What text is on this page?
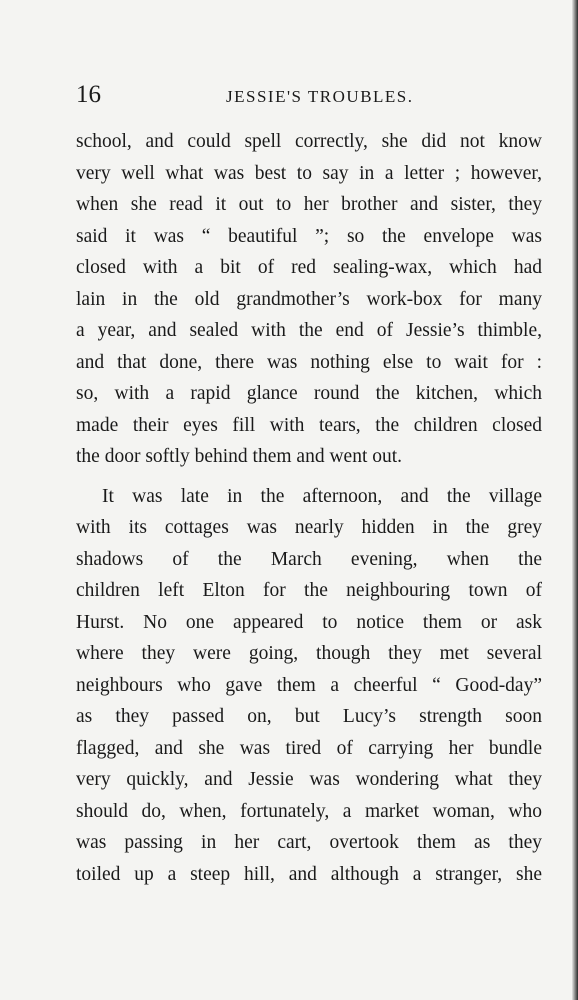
16	JESSIE'S TROUBLES.
school, and could spell correctly, she did not know
very well what was best to say in a letter ; however,
when she read it out to her brother and sister, they
said it was “ beautiful ”; so the envelope was
closed with a bit of red sealing-wax, which had
lain in the old grandmother’s work-box for many
a year, and sealed with the end of Jessie’s thimble,
and that done, there was nothing else to wait for :
so, with a rapid glance round the kitchen, which
made their eyes fill with tears, the children closed
the door softly behind them and went out.
It was late in the afternoon, and the village
with its cottages was nearly hidden in the grey
shadows of the March evening, when the
children left Elton for the neighbouring town of
Hurst. No one appeared to notice them or ask
where they were going, though they met several
neighbours who gave them a cheerful “ Good-day”
as they passed on, but Lucy’s strength soon
flagged, and she was tired of carrying her bundle
very quickly, and Jessie was wondering what they
should do, when, fortunately, a market woman, who
was passing in her cart, overtook them as they
toiled up a steep hill, and although a stranger, she
